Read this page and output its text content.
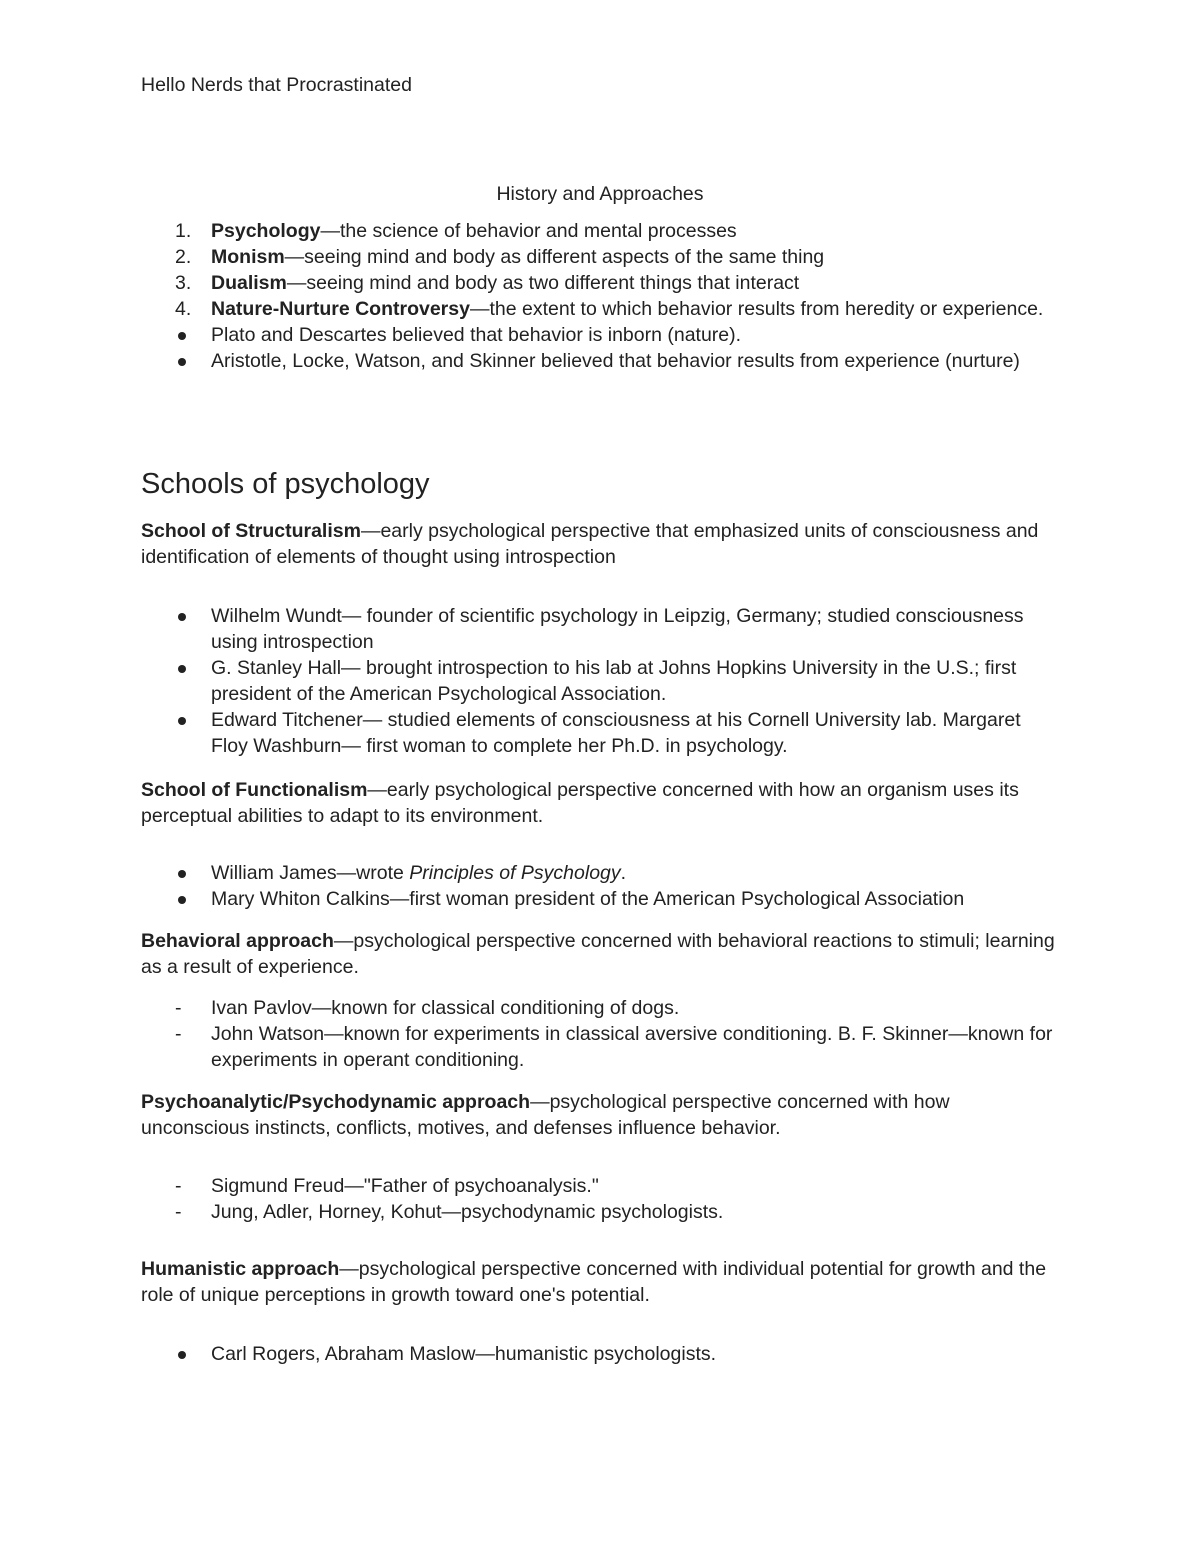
Hello Nerds that Procrastinated
History and Approaches
1. Psychology—the science of behavior and mental processes
2. Monism—seeing mind and body as different aspects of the same thing
3. Dualism—seeing mind and body as two different things that interact
4. Nature-Nurture Controversy—the extent to which behavior results from heredity or experience.
Plato and Descartes believed that behavior is inborn (nature).
Aristotle, Locke, Watson, and Skinner believed that behavior results from experience (nurture)
Schools of psychology

School of Structuralism—early psychological perspective that emphasized units of consciousness and identification of elements of thought using introspection

Wilhelm Wundt— founder of scientific psychology in Leipzig, Germany; studied consciousness using introspection
G. Stanley Hall— brought introspection to his lab at Johns Hopkins University in the U.S.; first president of the American Psychological Association.
Edward Titchener— studied elements of consciousness at his Cornell University lab. Margaret Floy Washburn— first woman to complete her Ph.D. in psychology.

School of Functionalism—early psychological perspective concerned with how an organism uses its perceptual abilities to adapt to its environment.

William James—wrote Principles of Psychology.
Mary Whiton Calkins—first woman president of the American Psychological Association

Behavioral approach—psychological perspective concerned with behavioral reactions to stimuli; learning as a result of experience.

- Ivan Pavlov—known for classical conditioning of dogs.
- John Watson—known for experiments in classical aversive conditioning. B. F. Skinner—known for experiments in operant conditioning.

Psychoanalytic/Psychodynamic approach—psychological perspective concerned with how unconscious instincts, conflicts, motives, and defenses influence behavior.

- Sigmund Freud—"Father of psychoanalysis."
- Jung, Adler, Horney, Kohut—psychodynamic psychologists.

Humanistic approach—psychological perspective concerned with individual potential for growth and the role of unique perceptions in growth toward one's potential.

Carl Rogers, Abraham Maslow—humanistic psychologists.
